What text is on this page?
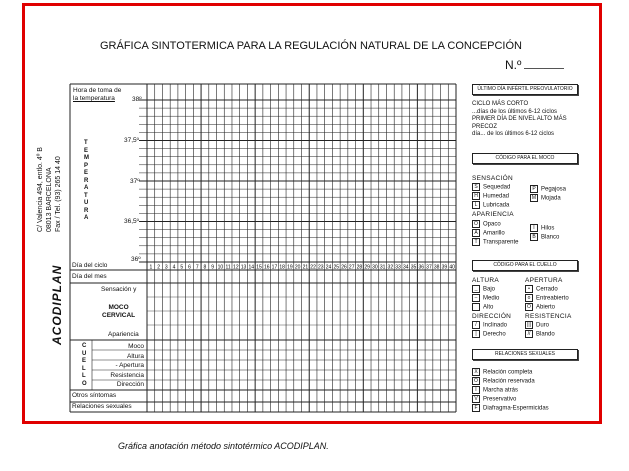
GRÁFICA SINTOTERMICA PARA LA REGULACIÓN NATURAL DE LA CONCEPCIÓN
N.º
C/ Valencia 494, entlo. 4º B 08013 BARCELONA Fax / Tel. (93) 265 14 40
ACODIPLAN	1 2 3 4 5 6 7 8 9 10 11 12 13 14 15 16 17 18 19 20 21 22 23 24 25 26 27 28 29 30 31 32 33 34 35 36 37 38 39 40
Hora de toma de
la temperatura	38º
37,5º
37º
36,5º
36º
TEMPERATURA
Día del ciclo
Día del mes
Sensación y
MOCO
CERVICAL
Apariencia
CUELLO
Moco
Altura
- Apertura
Resistencia
Dirección
Otros síntomas
Relaciones sexuales
ÚLTIMO DÍA INFÉRTIL PREOVULATORIO
CICLO MÁS CORTO
...días de los últimos 6-12 ciclos
PRIMER DÍA DE NIVEL ALTO MÁS
PRECOZ
día... de los últimos 6-12 ciclos
CÓDIGO PARA EL MOCO
SENSACIÓN
S Sequedad
H Humedad
L Lubricada
P Pegajosa
M Mojada
APARIENCIA
O Opaco
A Amarillo
T Transparente
I Hilos
B Blanco
CÓDIGO PARA EL CUELLO
ALTURA
_ Bajo
– Medio
‾ Alto
APERTURA
• Cerrado
o Entreabierto
O Abierto
DIRECCIÓN
/ Inclinado
| Derecho
RESISTENCIA
||| Duro
// Blando
RELACIONES SEXUALES
X Relación completa
O Relación reservada
I Marcha atrás
V Preservativo
F Diafragma-Espermicidas
Gráfica anotación método sintotérmico ACODIPLAN.
